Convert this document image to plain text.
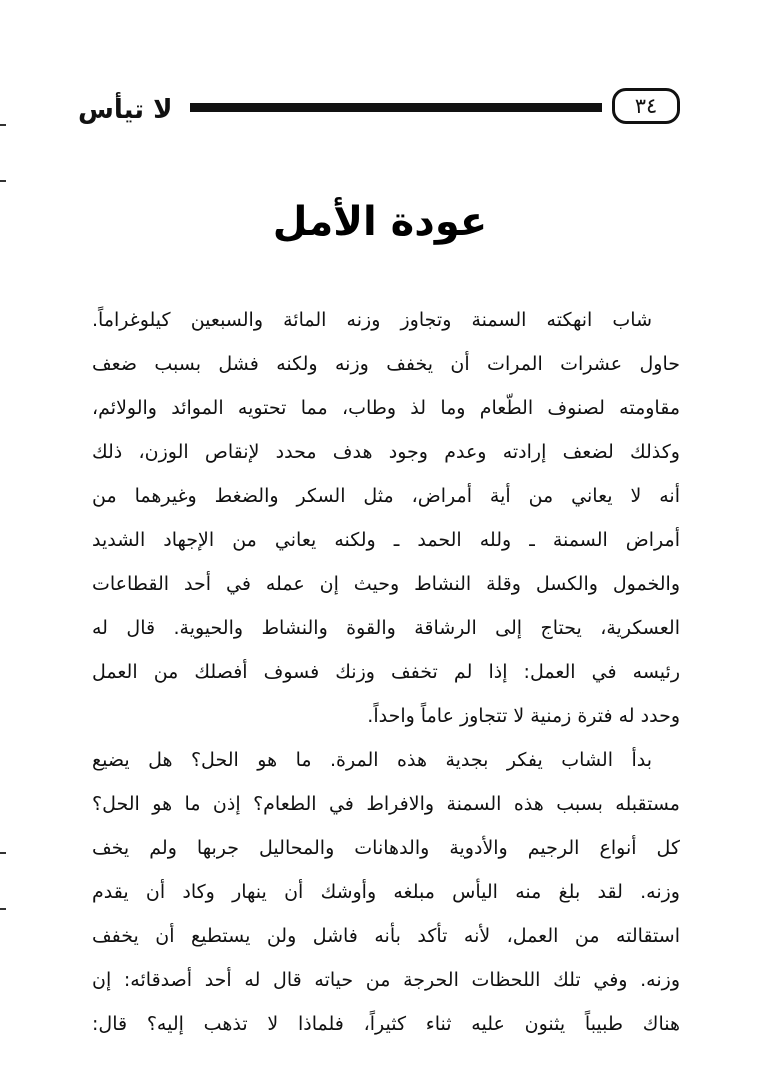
لا تيأس	٣٤
عودة الأمل
شاب انهكته السمنة وتجاوز وزنه المائة والسبعين كيلوغراماً.
حاول عشرات المرات أن يخفف وزنه ولكنه فشل بسبب ضعف
مقاومته لصنوف الطّعام وما لذ وطاب، مما تحتويه الموائد والولائم،
وكذلك لضعف إرادته وعدم وجود هدف محدد لإنقاص الوزن، ذلك
أنه لا يعاني من أية أمراض، مثل السكر والضغط وغيرهما من
أمراض السمنة ـ ولله الحمد ـ ولكنه يعاني من الإجهاد الشديد
والخمول والكسل وقلة النشاط وحيث إن عمله في أحد القطاعات
العسكرية، يحتاج إلى الرشاقة والقوة والنشاط والحيوية. قال له
رئيسه في العمل: إذا لم تخفف وزنك فسوف أفصلك من العمل
وحدد له فترة زمنية لا تتجاوز عاماً واحداً.
بدأ الشاب يفكر بجدية هذه المرة. ما هو الحل؟ هل يضيع
مستقبله بسبب هذه السمنة والافراط في الطعام؟ إذن ما هو الحل؟
كل أنواع الرجيم والأدوية والدهانات والمحاليل جربها ولم يخف
وزنه. لقد بلغ منه اليأس مبلغه وأوشك أن ينهار وكاد أن يقدم
استقالته من العمل، لأنه تأكد بأنه فاشل ولن يستطيع أن يخفف
وزنه. وفي تلك اللحظات الحرجة من حياته قال له أحد أصدقائه: إن
هناك طبيباً يثنون عليه ثناء كثيراً، فلماذا لا تذهب إليه؟ قال:
